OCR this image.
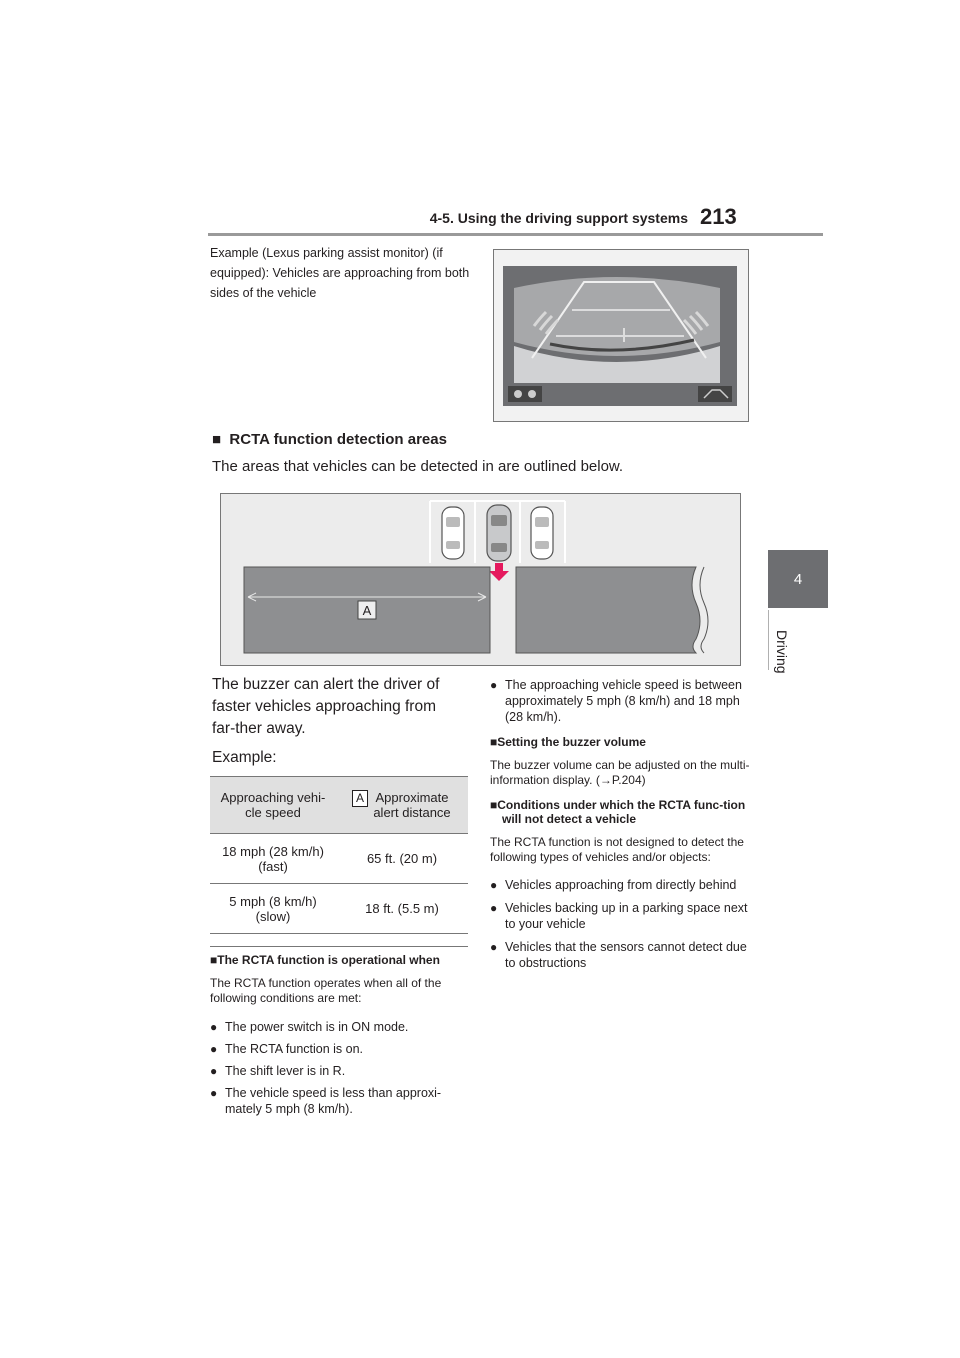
4-5. Using the driving support systems 213
4
Driving
Example (Lexus parking assist monitor) (if equipped): Vehicles are approaching from both sides of the vehicle
■  RCTA function detection areas
The areas that vehicles can be detected in are outlined below.
A
The buzzer can alert the driver of faster vehicles approaching from far-ther away.
Example:
Approaching vehi-cle speed	A Approximate alert distance

18 mph (28 km/h)
(fast)	65 ft. (20 m)

5 mph (8 km/h)
(slow)	18 ft. (5.5 m)
■The RCTA function is operational when
The RCTA function operates when all of the following conditions are met:
● The power switch is in ON mode.
● The RCTA function is on.
● The shift lever is in R.
● The vehicle speed is less than approxi-mately 5 mph (8 km/h).
● The approaching vehicle speed is between approximately 5 mph (8 km/h) and 18 mph (28 km/h).
■Setting the buzzer volume
The buzzer volume can be adjusted on the multi-information display. (→P.204)
■Conditions under which the RCTA func-tion will not detect a vehicle
The RCTA function is not designed to detect the following types of vehicles and/or objects:
● Vehicles approaching from directly behind
● Vehicles backing up in a parking space next to your vehicle
● Vehicles that the sensors cannot detect due to obstructions
